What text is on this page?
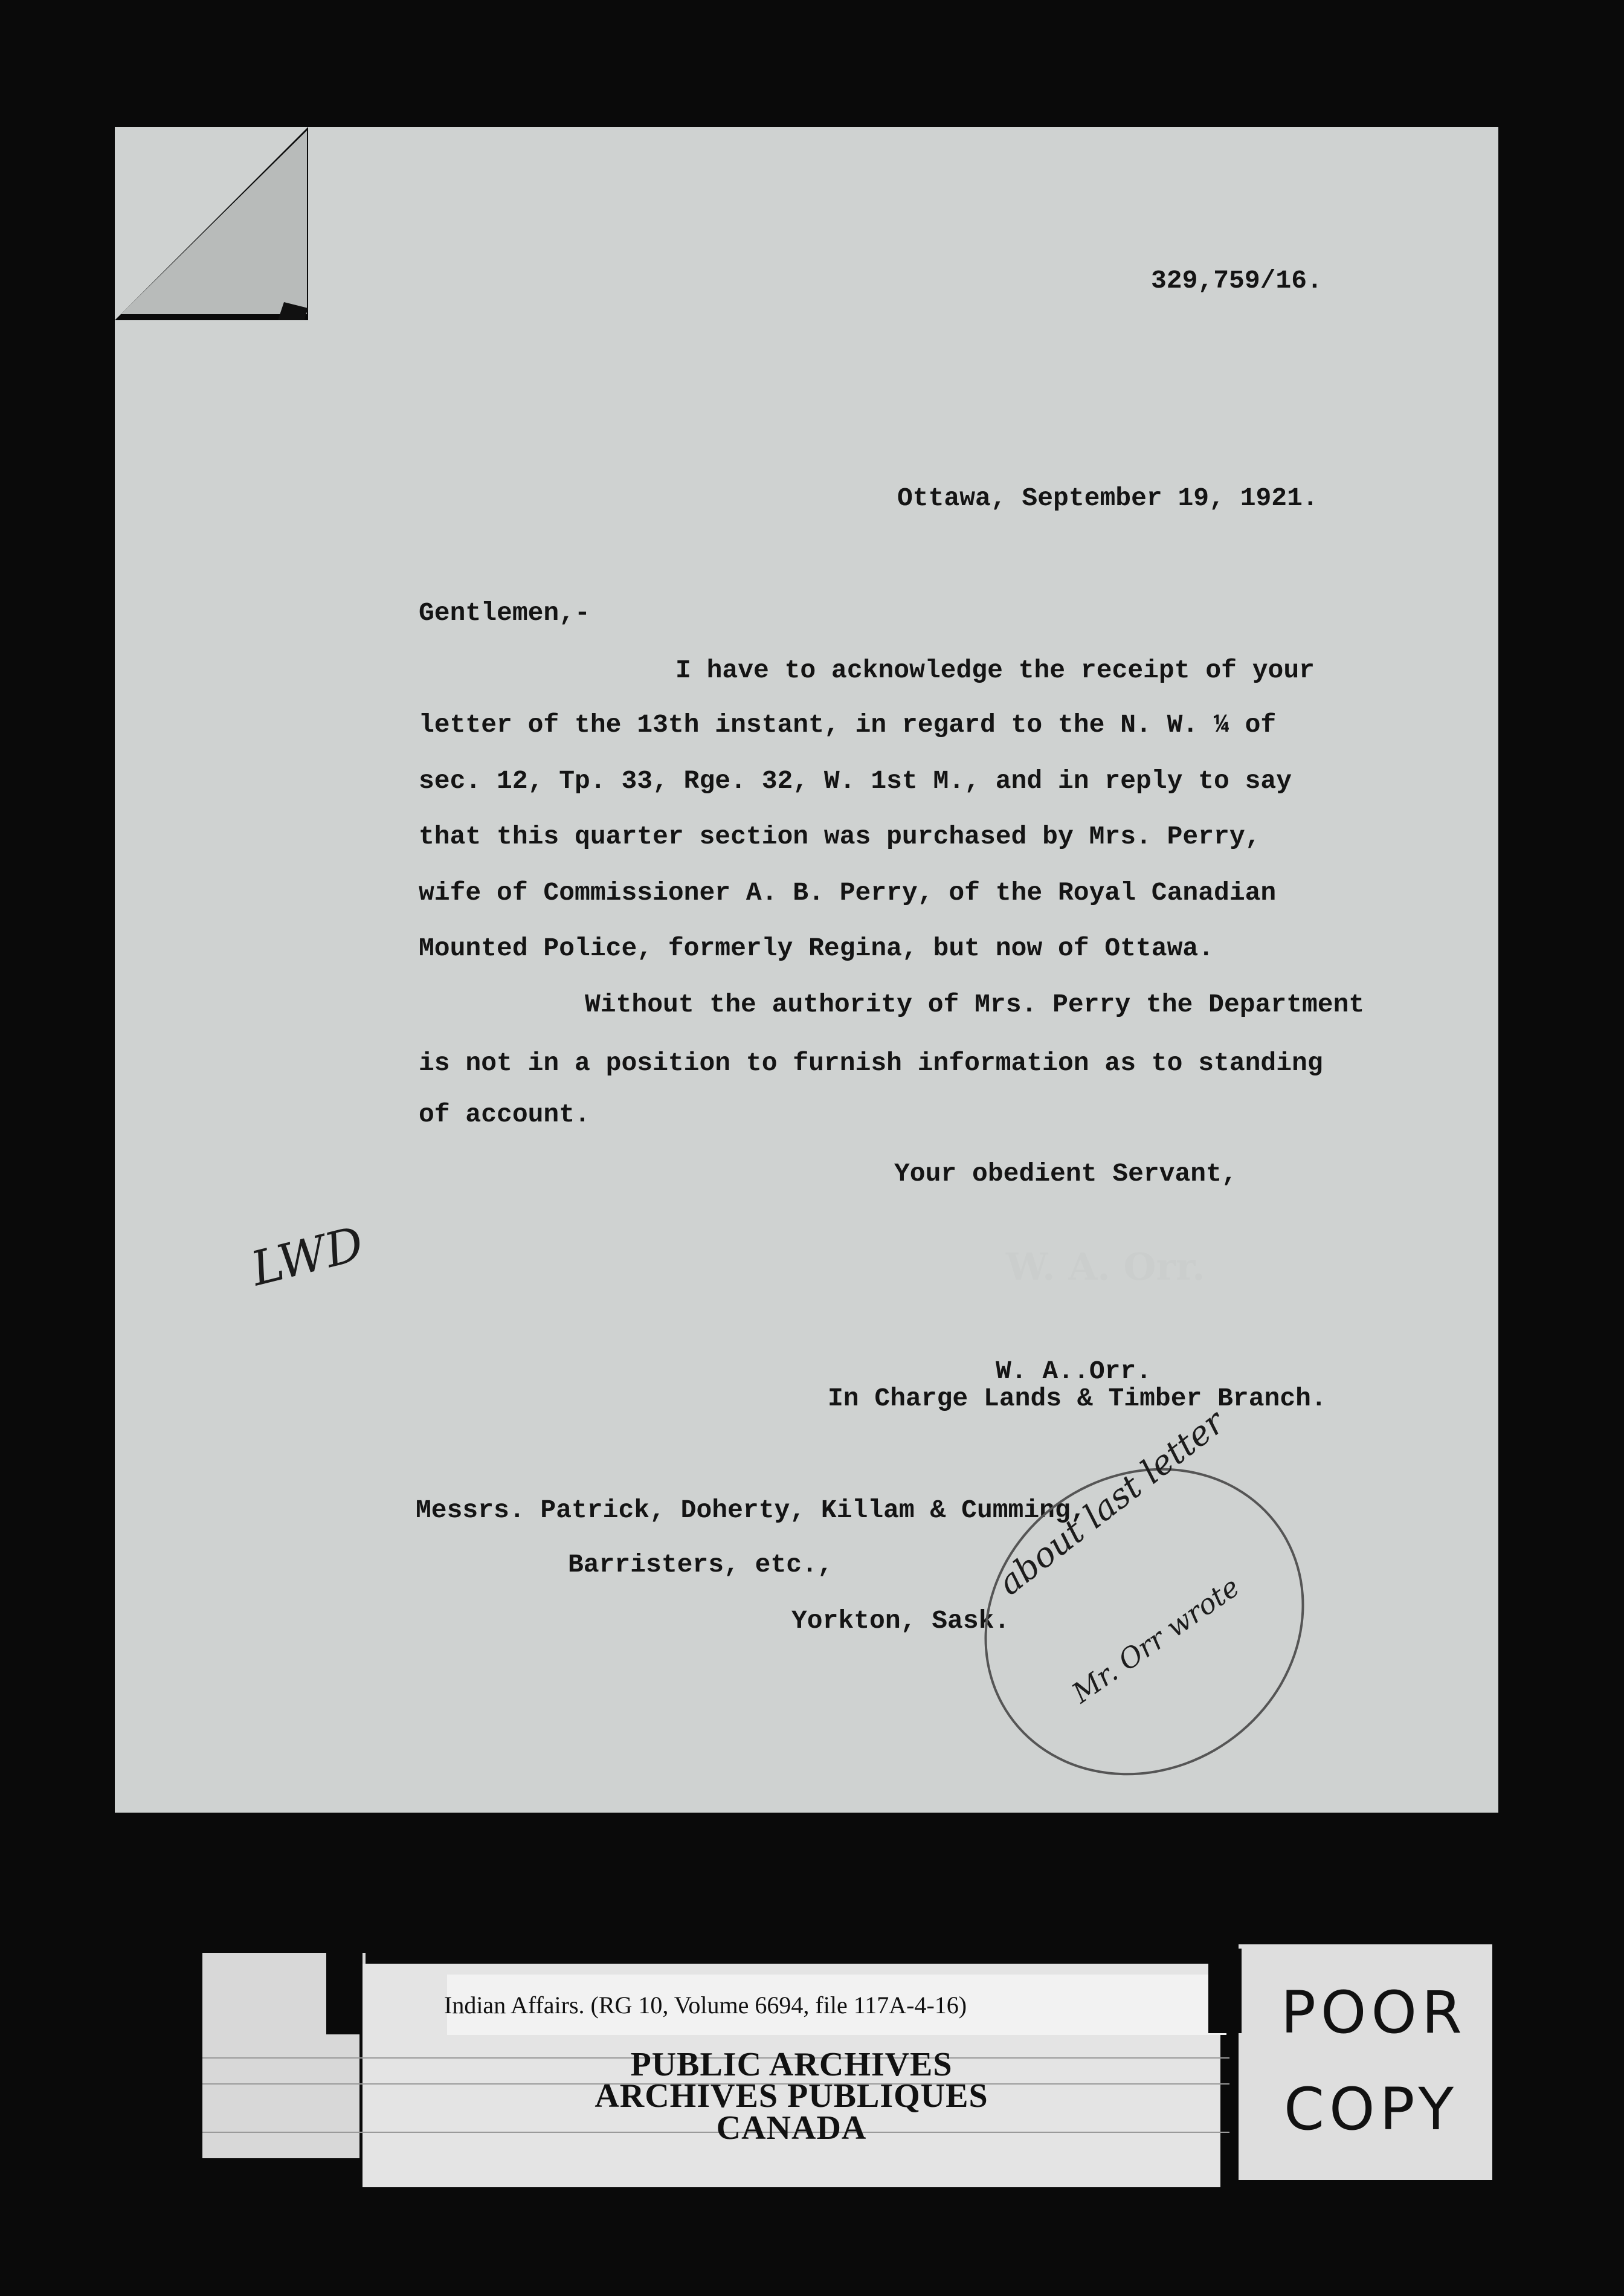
329,759/16.
Ottawa, September 19, 1921.
Gentlemen,-
I have to acknowledge the receipt of your
letter of the 13th instant, in regard to the N. W. ¼ of
sec. 12, Tp. 33, Rge. 32, W. 1st M., and in reply to say
that this quarter section was purchased by Mrs. Perry,
wife of Commissioner A. B. Perry, of the Royal Canadian
Mounted Police, formerly Regina, but now of Ottawa.
Without the authority of Mrs. Perry the Department
is not in a position to furnish information as to standing
of account.
Your obedient Servant,
LWD	W. A. Orr.
W. A..Orr.
In Charge Lands & Timber Branch.
Messrs. Patrick, Doherty, Killam & Cumming,
Barristers, etc.,
Yorkton, Sask.
about last letter
Mr. Orr wrote
Indian Affairs. (RG 10, Volume 6694, file 117A-4-16)
PUBLIC ARCHIVES
ARCHIVES PUBLIQUES
CANADA
POOR
COPY
